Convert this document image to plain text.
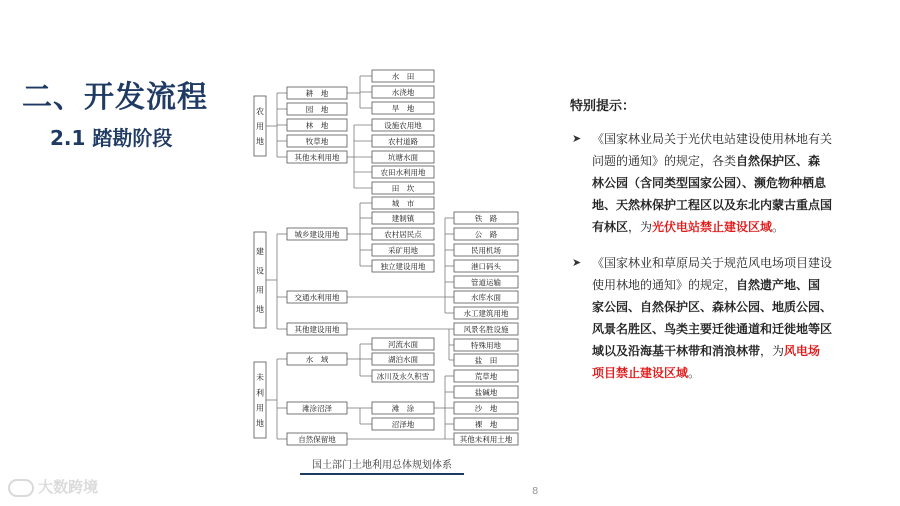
二、开发流程
2.1 踏勘阶段
农
用
地
建
设
用
地
未
利
用
地
耕　地
园　地
林　地
牧草地
其他未利用地
城乡建设用地
交通水利用地
其他建设用地
水　域
滩涂沼泽
自然保留地
水　田
水浇地
旱　地
设施农用地
农村道路
坑塘水面
农田水利用地
田　坎
城　市
建制镇
农村居民点
采矿用地
独立建设用地
河流水面
湖泊水面
冰川及永久积雪
滩　涂
沼泽地
铁　路
公　路
民用机场
港口码头
管道运输
水库水面
水工建筑用地
风景名胜设施
特殊用地
盐　田
荒草地
盐碱地
沙　地
裸　地
其他未利用土地
国土部门土地利用总体规划体系
特别提示：
➤ 《国家林业局关于光伏电站建设使用林地有关问题的通知》的规定，各类自然保护区、森林公园（含同类型国家公园）、濒危物种栖息地、天然林保护工程区以及东北内蒙古重点国有林区，为光伏电站禁止建设区域。
➤ 《国家林业和草原局关于规范风电场项目建设使用林地的通知》的规定，自然遗产地、国家公园、自然保护区、森林公园、地质公园、风景名胜区、鸟类主要迁徙通道和迁徙地等区域以及沿海基干林带和消浪林带，为风电场项目禁止建设区域。
8
大数跨境
